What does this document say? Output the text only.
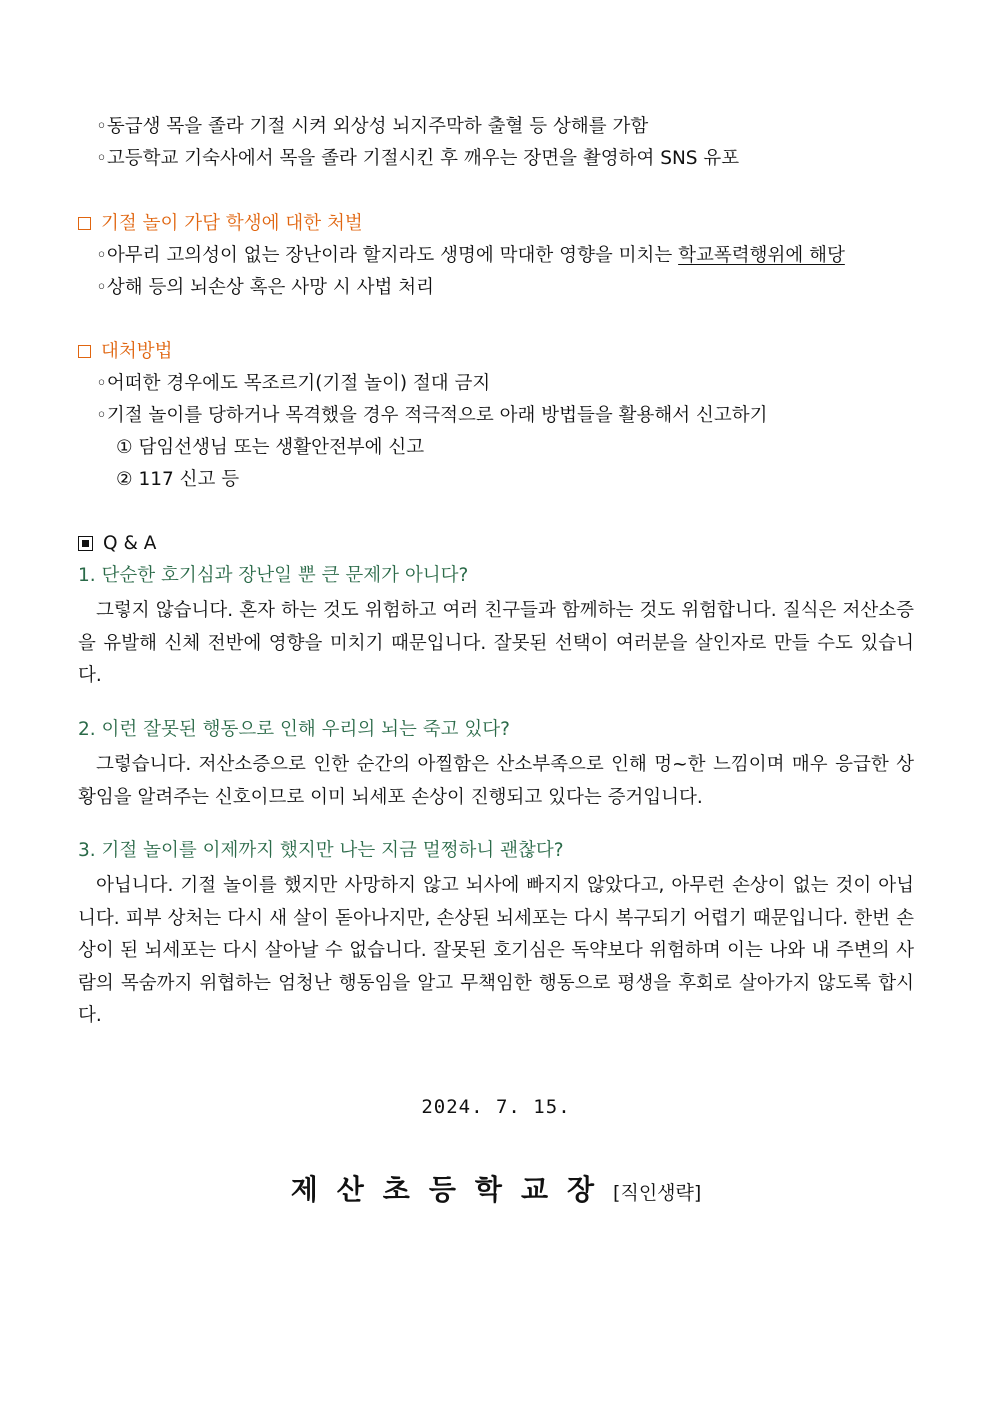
◦동급생 목을 졸라 기절 시켜 외상성 뇌지주막하 출혈 등 상해를 가함
◦고등학교 기숙사에서 목을 졸라 기절시킨 후 깨우는 장면을 촬영하여 SNS 유포
기절 놀이 가담 학생에 대한 처벌
◦아무리 고의성이 없는 장난이라 할지라도 생명에 막대한 영향을 미치는 학교폭력행위에 해당
◦상해 등의 뇌손상 혹은 사망 시 사법 처리
대처방법
◦어떠한 경우에도 목조르기(기절 놀이) 절대 금지
◦기절 놀이를 당하거나 목격했을 경우 적극적으로 아래 방법들을 활용해서 신고하기
① 담임선생님 또는 생활안전부에 신고
② 117 신고 등
Q & A
1. 단순한 호기심과 장난일 뿐 큰 문제가 아니다?
그렇지 않습니다. 혼자 하는 것도 위험하고 여러 친구들과 함께하는 것도 위험합니다. 질식은 저산소증을 유발해 신체 전반에 영향을 미치기 때문입니다. 잘못된 선택이 여러분을 살인자로 만들 수도 있습니다.
2. 이런 잘못된 행동으로 인해 우리의 뇌는 죽고 있다?
그렇습니다. 저산소증으로 인한 순간의 아찔함은 산소부족으로 인해 멍~한 느낌이며 매우 응급한 상황임을 알려주는 신호이므로 이미 뇌세포 손상이 진행되고 있다는 증거입니다.
3. 기절 놀이를 이제까지 했지만 나는 지금 멀쩡하니 괜찮다?
아닙니다. 기절 놀이를 했지만 사망하지 않고 뇌사에 빠지지 않았다고, 아무런 손상이 없는 것이 아닙니다. 피부 상처는 다시 새 살이 돋아나지만, 손상된 뇌세포는 다시 복구되기 어렵기 때문입니다. 한번 손상이 된 뇌세포는 다시 살아날 수 없습니다. 잘못된 호기심은 독약보다 위험하며 이는 나와 내 주변의 사람의 목숨까지 위협하는 엄청난 행동임을 알고 무책임한 행동으로 평생을 후회로 살아가지 않도록 합시다.
2024. 7. 15.
제산초등학교장[직인생략]
